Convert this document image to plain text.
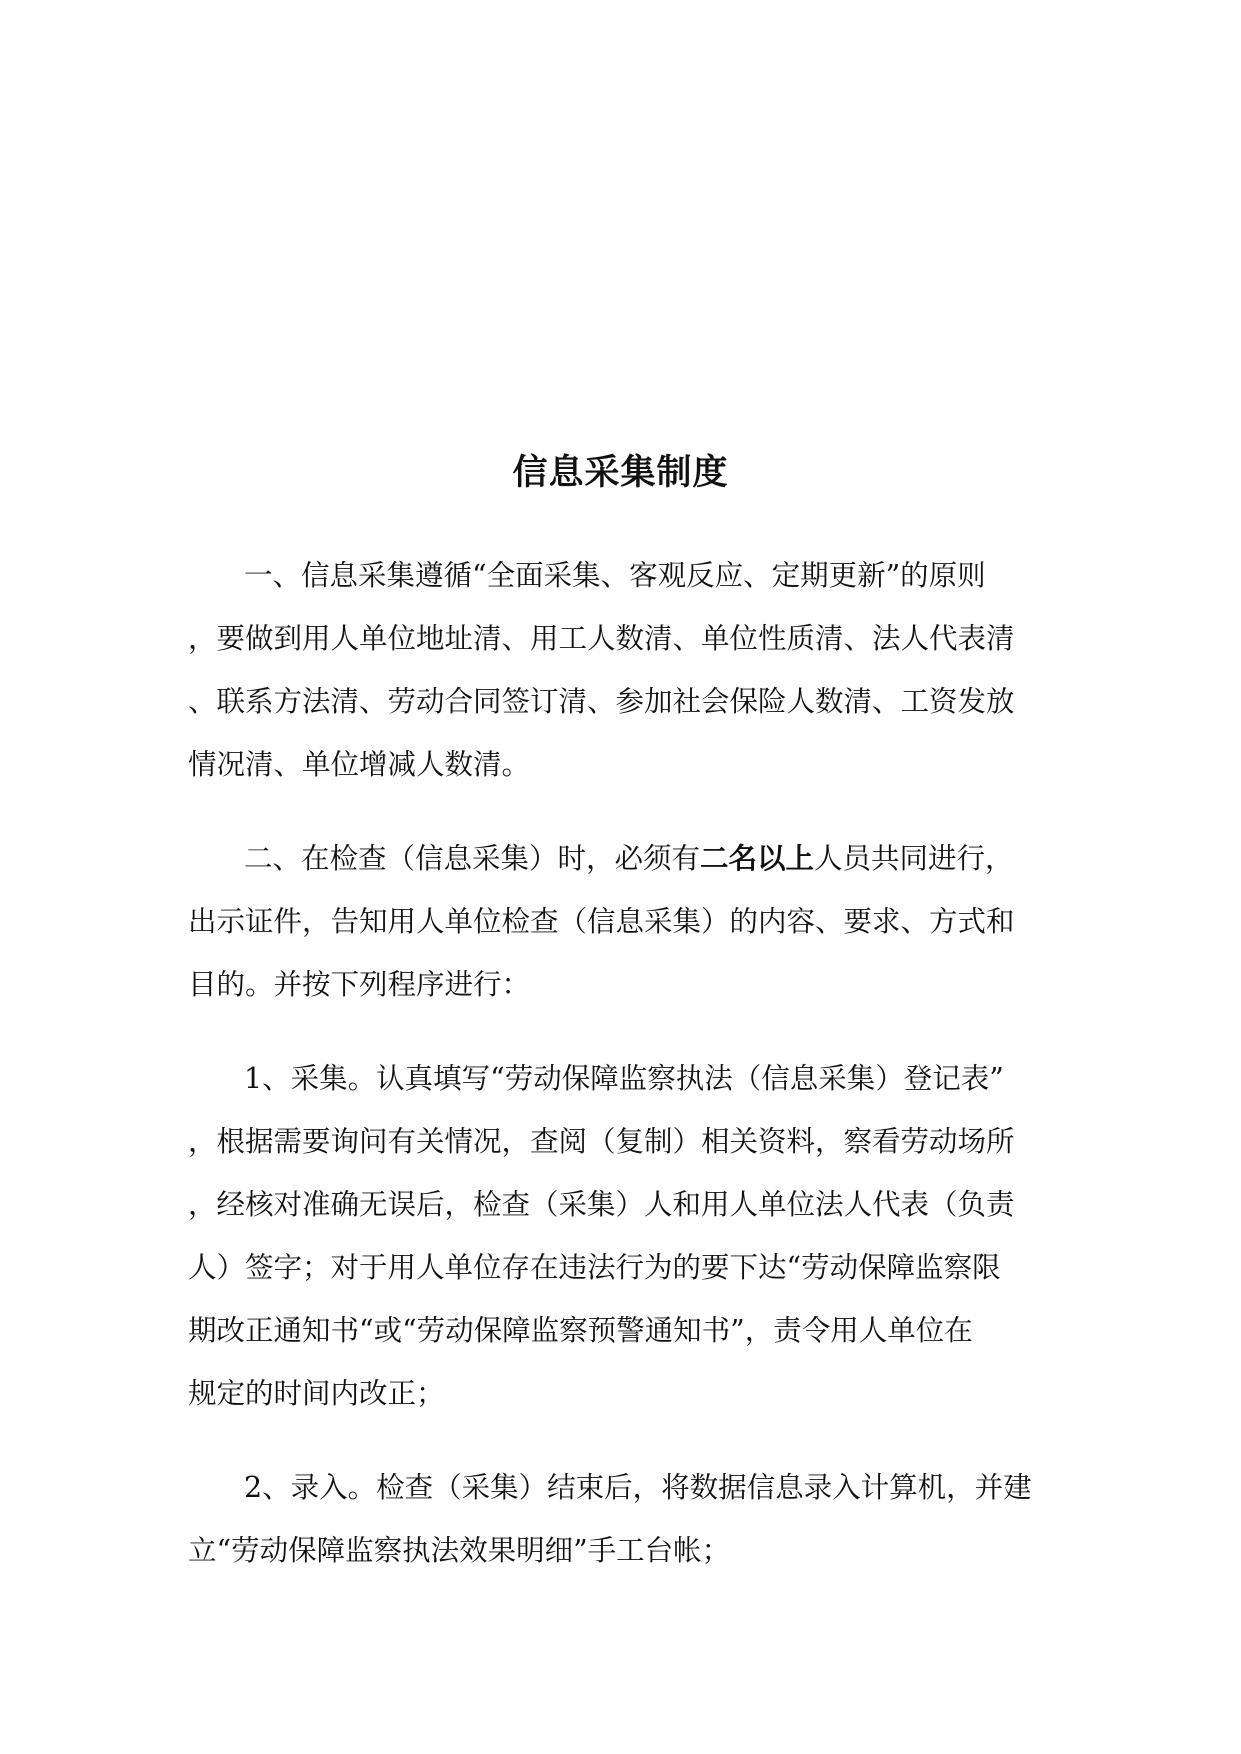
信息采集制度
一、信息采集遵循“全面采集、客观反应、定期更新”的原则
，要做到用人单位地址清、用工人数清、单位性质清、法人代表清
、联系方法清、劳动合同签订清、参加社会保险人数清、工资发放
情况清、单位增减人数清。
二、在检查（信息采集）时，必须有二名以上人员共同进行，
出示证件，告知用人单位检查（信息采集）的内容、要求、方式和
目的。并按下列程序进行：
1、采集。认真填写“劳动保障监察执法（信息采集）登记表”
，根据需要询问有关情况，查阅（复制）相关资料，察看劳动场所
，经核对准确无误后，检查（采集）人和用人单位法人代表（负责
人）签字；对于用人单位存在违法行为的要下达“劳动保障监察限
期改正通知书“或“劳动保障监察预警通知书”，责令用人单位在
规定的时间内改正；
2、录入。检查（采集）结束后，将数据信息录入计算机，并建
立“劳动保障监察执法效果明细”手工台帐；
